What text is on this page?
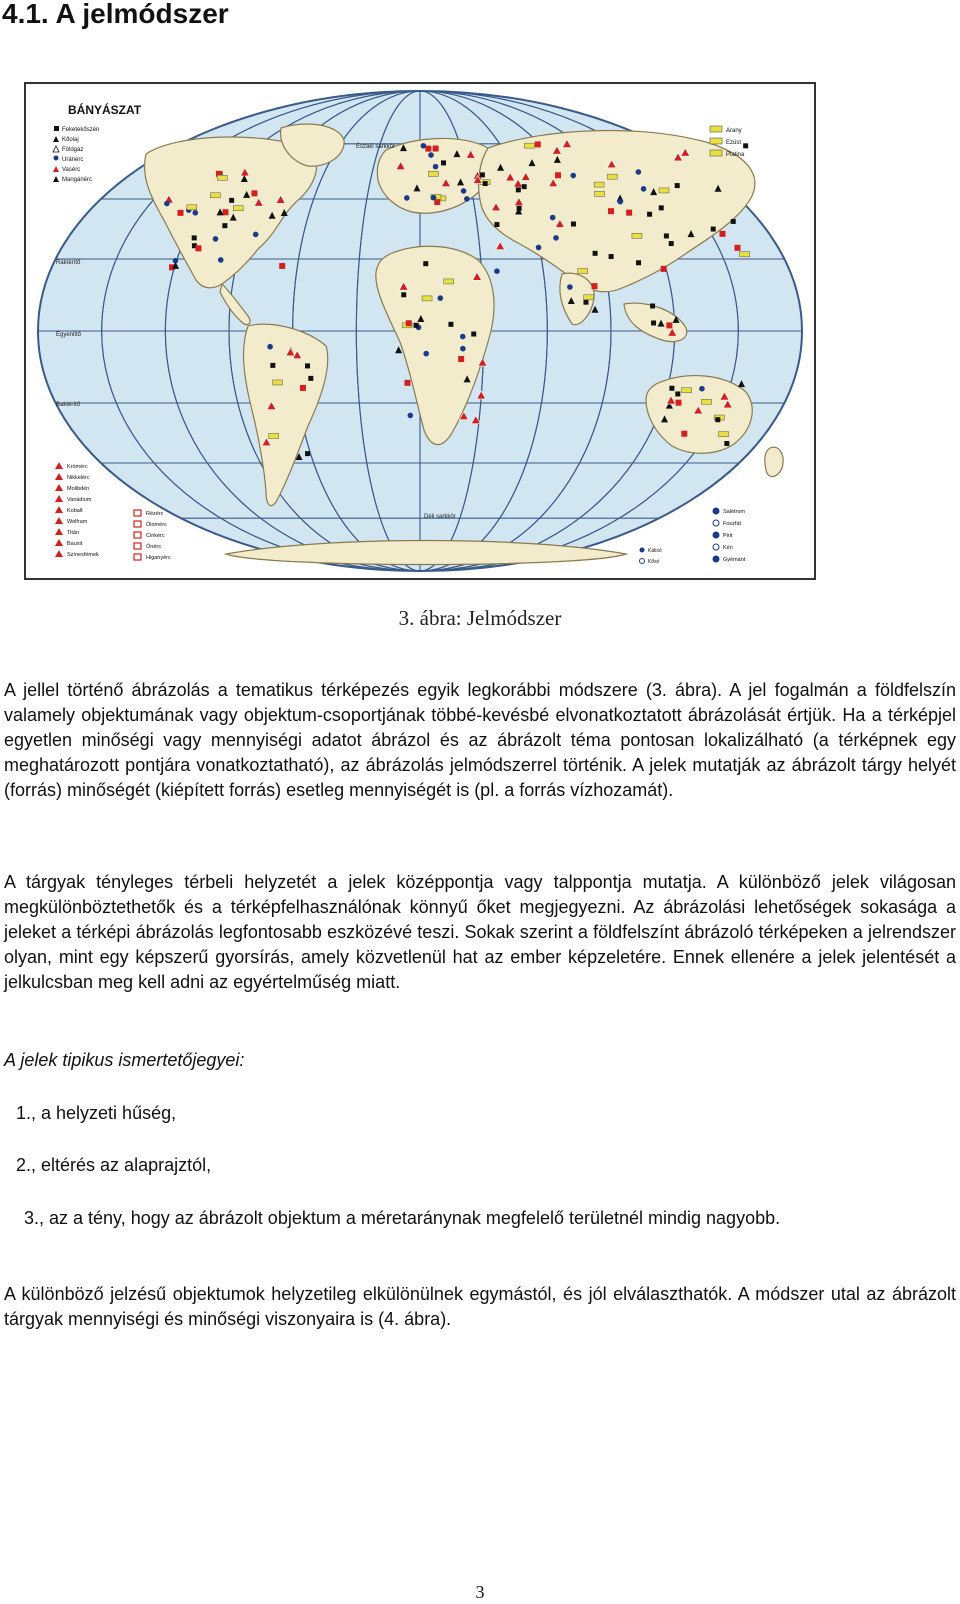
4.1. A jelmódszer
BÁNYÁSZAT
Feketekőszén
Kőolaj
Földgáz
Uránérc
Vasérc
Mangánérc
Arany
Ezüst
Platina
Északi sarkkör
Ráktérítő
Egyenlítő
Baktérítő
Déli sarkkör
Krómérc
Nikkelérc
Molibdén
Vanádium
Kobalt
Wolfram
Titán
Bauxit
Színesfémek
Rézérc
Ólomérc
Cinkérc
Ónérc
Higanyérc
Salétrom
Foszfát
Pirit
Kén
Gyémánt
Kálisó
Kősó
3. ábra: Jelmódszer

A jellel történő ábrázolás a tematikus térképezés egyik legkorábbi módszere (3. ábra). A jel fogalmán a földfelszín valamely objektumának vagy objektum-csoportjának többé-kevésbé elvonatkoztatott ábrázolását értjük. Ha a térképjel egyetlen minőségi vagy mennyiségi adatot ábrázol és az ábrázolt téma pontosan lokalizálható (a térképnek egy meghatározott pontjára vonatkoztatható), az ábrázolás jelmódszerrel történik. A jelek mutatják az ábrázolt tárgy helyét (forrás) minőségét (kiépített forrás) esetleg mennyiségét is (pl. a forrás vízhozamát).

A tárgyak tényleges térbeli helyzetét a jelek középpontja vagy talppontja mutatja. A különböző jelek világosan megkülönböztethetők és a térképfelhasználónak könnyű őket megjegyezni. Az ábrázolási lehetőségek sokasága a jeleket a térképi ábrázolás legfontosabb eszközévé teszi. Sokak szerint a földfelszínt ábrázoló térképeken a jelrendszer olyan, mint egy képszerű gyorsírás, amely közvetlenül hat az ember képzeletére. Ennek ellenére a jelek jelentését a jelkulcsban meg kell adni az egyértelműség miatt.

A jelek tipikus ismertetőjegyei:

1., a helyzeti hűség,

2., eltérés az alaprajztól,

3., az a tény, hogy az ábrázolt objektum a méretaránynak megfelelő területnél mindig nagyobb.

A különböző jelzésű objektumok helyzetileg elkülönülnek egymástól, és jól elválaszthatók. A módszer utal az ábrázolt tárgyak mennyiségi és minőségi viszonyaira is (4. ábra).

3
